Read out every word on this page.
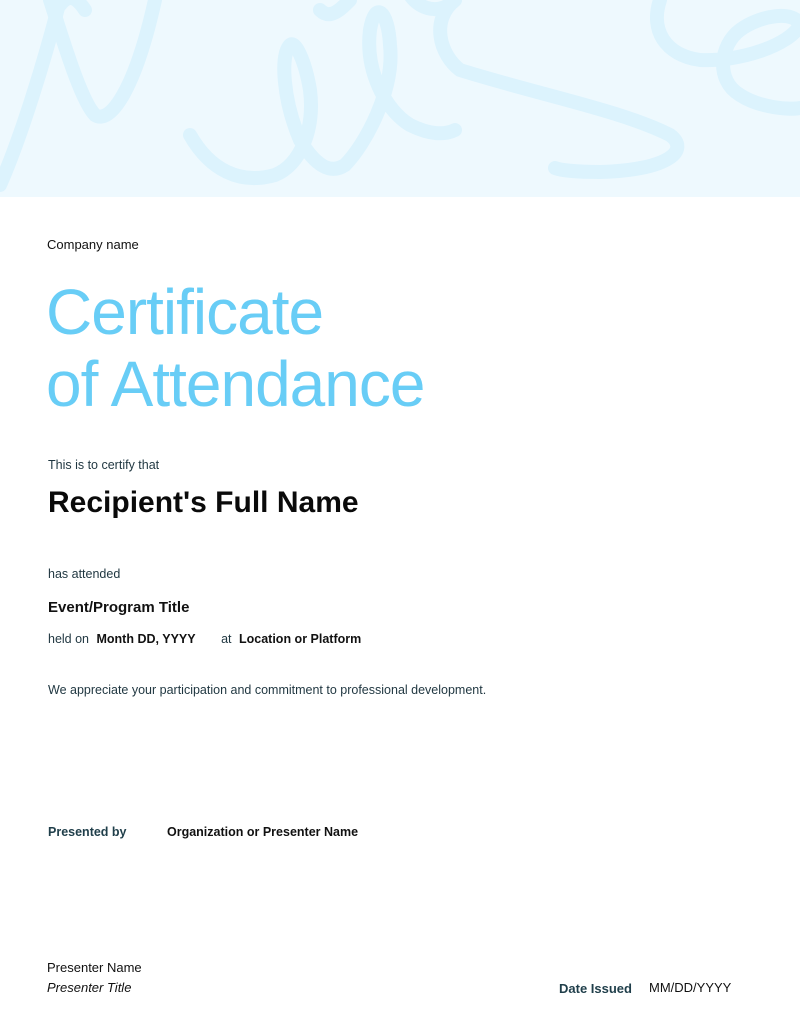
Company name
Certificate
of Attendance
This is to certify that
Recipient's Full Name
has attended
Event/Program Title
held on Month DD, YYYY at Location or Platform
We appreciate your participation and commitment to professional development.
Presented by	Organization or Presenter Name
Presenter Name
Presenter Title	Date Issued MM/DD/YYYY
